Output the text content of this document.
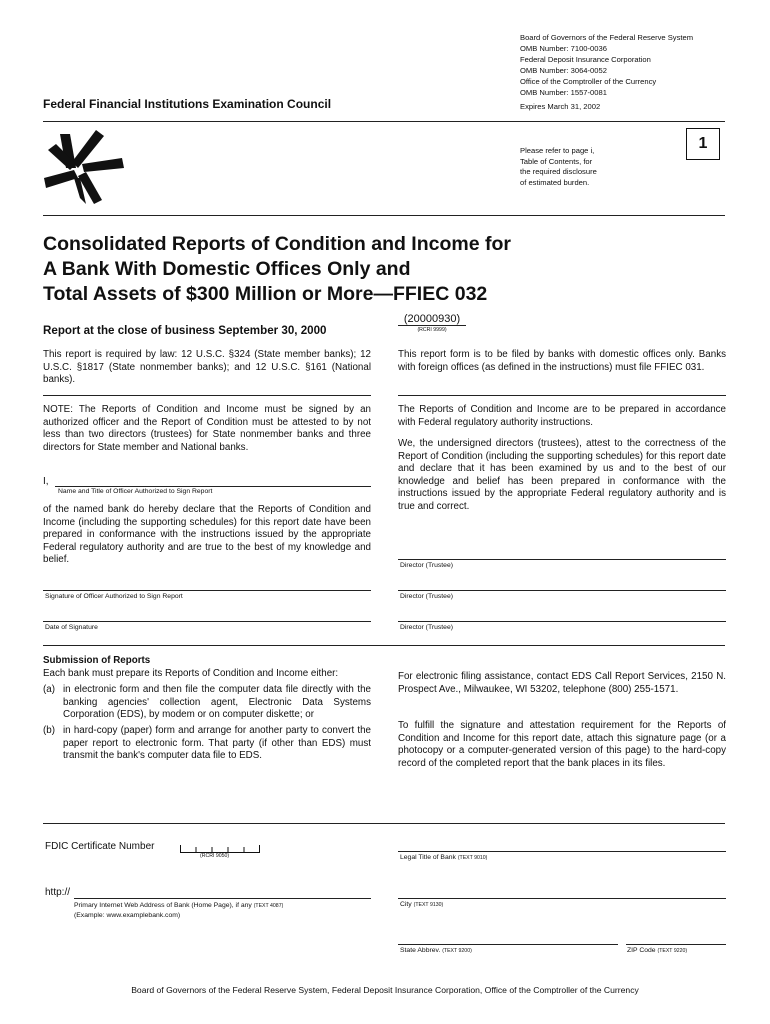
Board of Governors of the Federal Reserve System
OMB Number: 7100-0036
Federal Deposit Insurance Corporation
OMB Number: 3064-0052
Office of the Comptroller of the Currency
OMB Number: 1557-0081
Expires March 31, 2002
Federal Financial Institutions Examination Council
1
Please refer to page i,
Table of Contents, for
the required disclosure
of estimated burden.
Consolidated Reports of Condition and Income for
A Bank With Domestic Offices Only and
Total Assets of $300 Million or More—FFIEC 032
Report at the close of business September 30, 2000
(20000930)
(RCRI 9999)
This report is required by law: 12 U.S.C. §324 (State member banks); 12 U.S.C. §1817 (State nonmember banks); and 12 U.S.C. §161 (National banks).
This report form is to be filed by banks with domestic offices only. Banks with foreign offices (as defined in the instructions) must file FFIEC 031.
NOTE: The Reports of Condition and Income must be signed by an authorized officer and the Report of Condition must be attested to by not less than two directors (trustees) for State nonmember banks and three directors for State member and National banks.
I,
Name and Title of Officer Authorized to Sign Report
of the named bank do hereby declare that the Reports of Condition and Income (including the supporting schedules) for this report date have been prepared in conformance with the instructions issued by the appropriate Federal regulatory authority and are true to the best of my knowledge and belief.
The Reports of Condition and Income are to be prepared in accordance with Federal regulatory authority instructions.
We, the undersigned directors (trustees), attest to the correctness of the Report of Condition (including the supporting schedules) for this report date and declare that it has been examined by us and to the best of our knowledge and belief has been prepared in conformance with the instructions issued by the appropriate Federal regulatory authority and is true and correct.
Director (Trustee)
Signature of Officer Authorized to Sign Report	Director (Trustee)
Date of Signature	Director (Trustee)
Submission of Reports
Each bank must prepare its Reports of Condition and Income either:
(a) in electronic form and then file the computer data file directly with the banking agencies' collection agent, Electronic Data Systems Corporation (EDS), by modem or on computer diskette; or
(b) in hard-copy (paper) form and arrange for another party to convert the paper report to electronic form. That party (if other than EDS) must transmit the bank's computer data file to EDS.
For electronic filing assistance, contact EDS Call Report Services, 2150 N. Prospect Ave., Milwaukee, WI 53202, telephone (800) 255-1571.
To fulfill the signature and attestation requirement for the Reports of Condition and Income for this report date, attach this signature page (or a photocopy or a computer-generated version of this page) to the hard-copy record of the completed report that the bank places in its files.
FDIC Certificate Number
(RCRI 9050)	Legal Title of Bank (TEXT 9010)
http://
Primary Internet Web Address of Bank (Home Page), if any (TEXT 4087)
(Example: www.examplebank.com)
City (TEXT 9130)
State Abbrev. (TEXT 9200)	ZIP Code (TEXT 9220)
Board of Governors of the Federal Reserve System, Federal Deposit Insurance Corporation, Office of the Comptroller of the Currency
